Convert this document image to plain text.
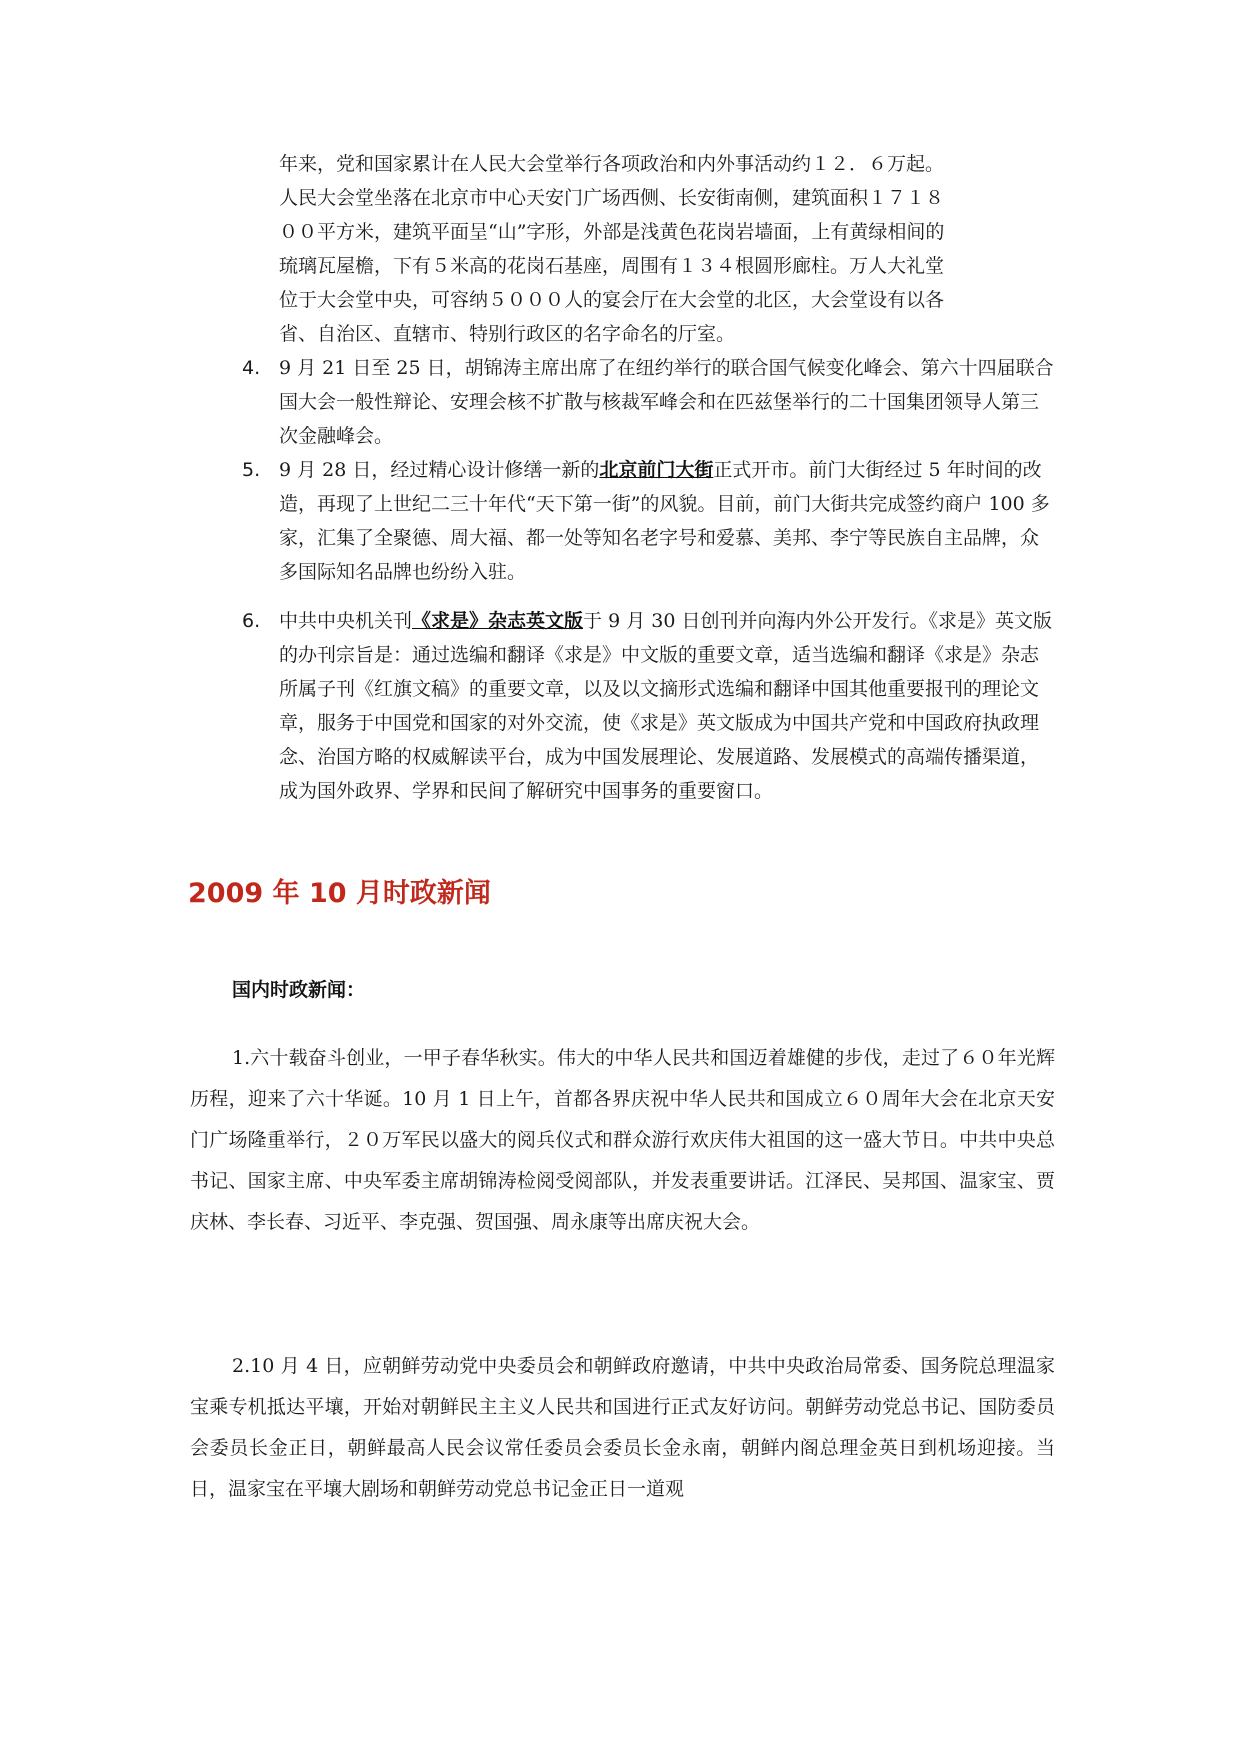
年来，党和国家累计在人民大会堂举行各项政治和内外事活动约１２．６万起。

人民大会堂坐落在北京市中心天安门广场西侧、长安街南侧，建筑面积１７１８

００平方米，建筑平面呈“山”字形，外部是浅黄色花岗岩墙面，上有黄绿相间的

琉璃瓦屋檐，下有５米高的花岗石基座，周围有１３４根圆形廊柱。万人大礼堂

位于大会堂中央，可容纳５０００人的宴会厅在大会堂的北区，大会堂设有以各

省、自治区、直辖市、特别行政区的名字命名的厅室。

4. 9 月 21 日至 25 日，胡锦涛主席出席了在纽约举行的联合国气候变化峰会、第六十四届联合国大会一般性辩论、安理会核不扩散与核裁军峰会和在匹兹堡举行的二十国集团领导人第三次金融峰会。
5. 9 月 28 日，经过精心设计修缮一新的北京前门大街正式开市。前门大街经过 5 年时间的改造，再现了上世纪二三十年代“天下第一街”的风貌。目前，前门大街共完成签约商户 100 多家，汇集了全聚德、周大福、都一处等知名老字号和爱慕、美邦、李宁等民族自主品牌，众多国际知名品牌也纷纷入驻。
6. 中共中央机关刊《求是》杂志英文版于 9 月 30 日创刊并向海内外公开发行。《求是》英文版的办刊宗旨是：通过选编和翻译《求是》中文版的重要文章，适当选编和翻译《求是》杂志所属子刊《红旗文稿》的重要文章，以及以文摘形式选编和翻译中国其他重要报刊的理论文章，服务于中国党和国家的对外交流，使《求是》英文版成为中国共产党和中国政府执政理念、治国方略的权威解读平台，成为中国发展理论、发展道路、发展模式的高端传播渠道，成为国外政界、学界和民间了解研究中国事务的重要窗口。
2009 年 10 月时政新闻
国内时政新闻：

1.六十载奋斗创业，一甲子春华秋实。伟大的中华人民共和国迈着雄健的步伐，走过了６０年光辉历程，迎来了六十华诞。10 月 1 日上午，首都各界庆祝中华人民共和国成立６０周年大会在北京天安门广场隆重举行，２０万军民以盛大的阅兵仪式和群众游行欢庆伟大祖国的这一盛大节日。中共中央总书记、国家主席、中央军委主席胡锦涛检阅受阅部队，并发表重要讲话。江泽民、吴邦国、温家宝、贾庆林、李长春、习近平、李克强、贺国强、周永康等出席庆祝大会。

2.10 月 4 日，应朝鲜劳动党中央委员会和朝鲜政府邀请，中共中央政治局常委、国务院总理温家宝乘专机抵达平壤，开始对朝鲜民主主义人民共和国进行正式友好访问。朝鲜劳动党总书记、国防委员会委员长金正日，朝鲜最高人民会议常任委员会委员长金永南，朝鲜内阁总理金英日到机场迎接。当日，温家宝在平壤大剧场和朝鲜劳动党总书记金正日一道观
